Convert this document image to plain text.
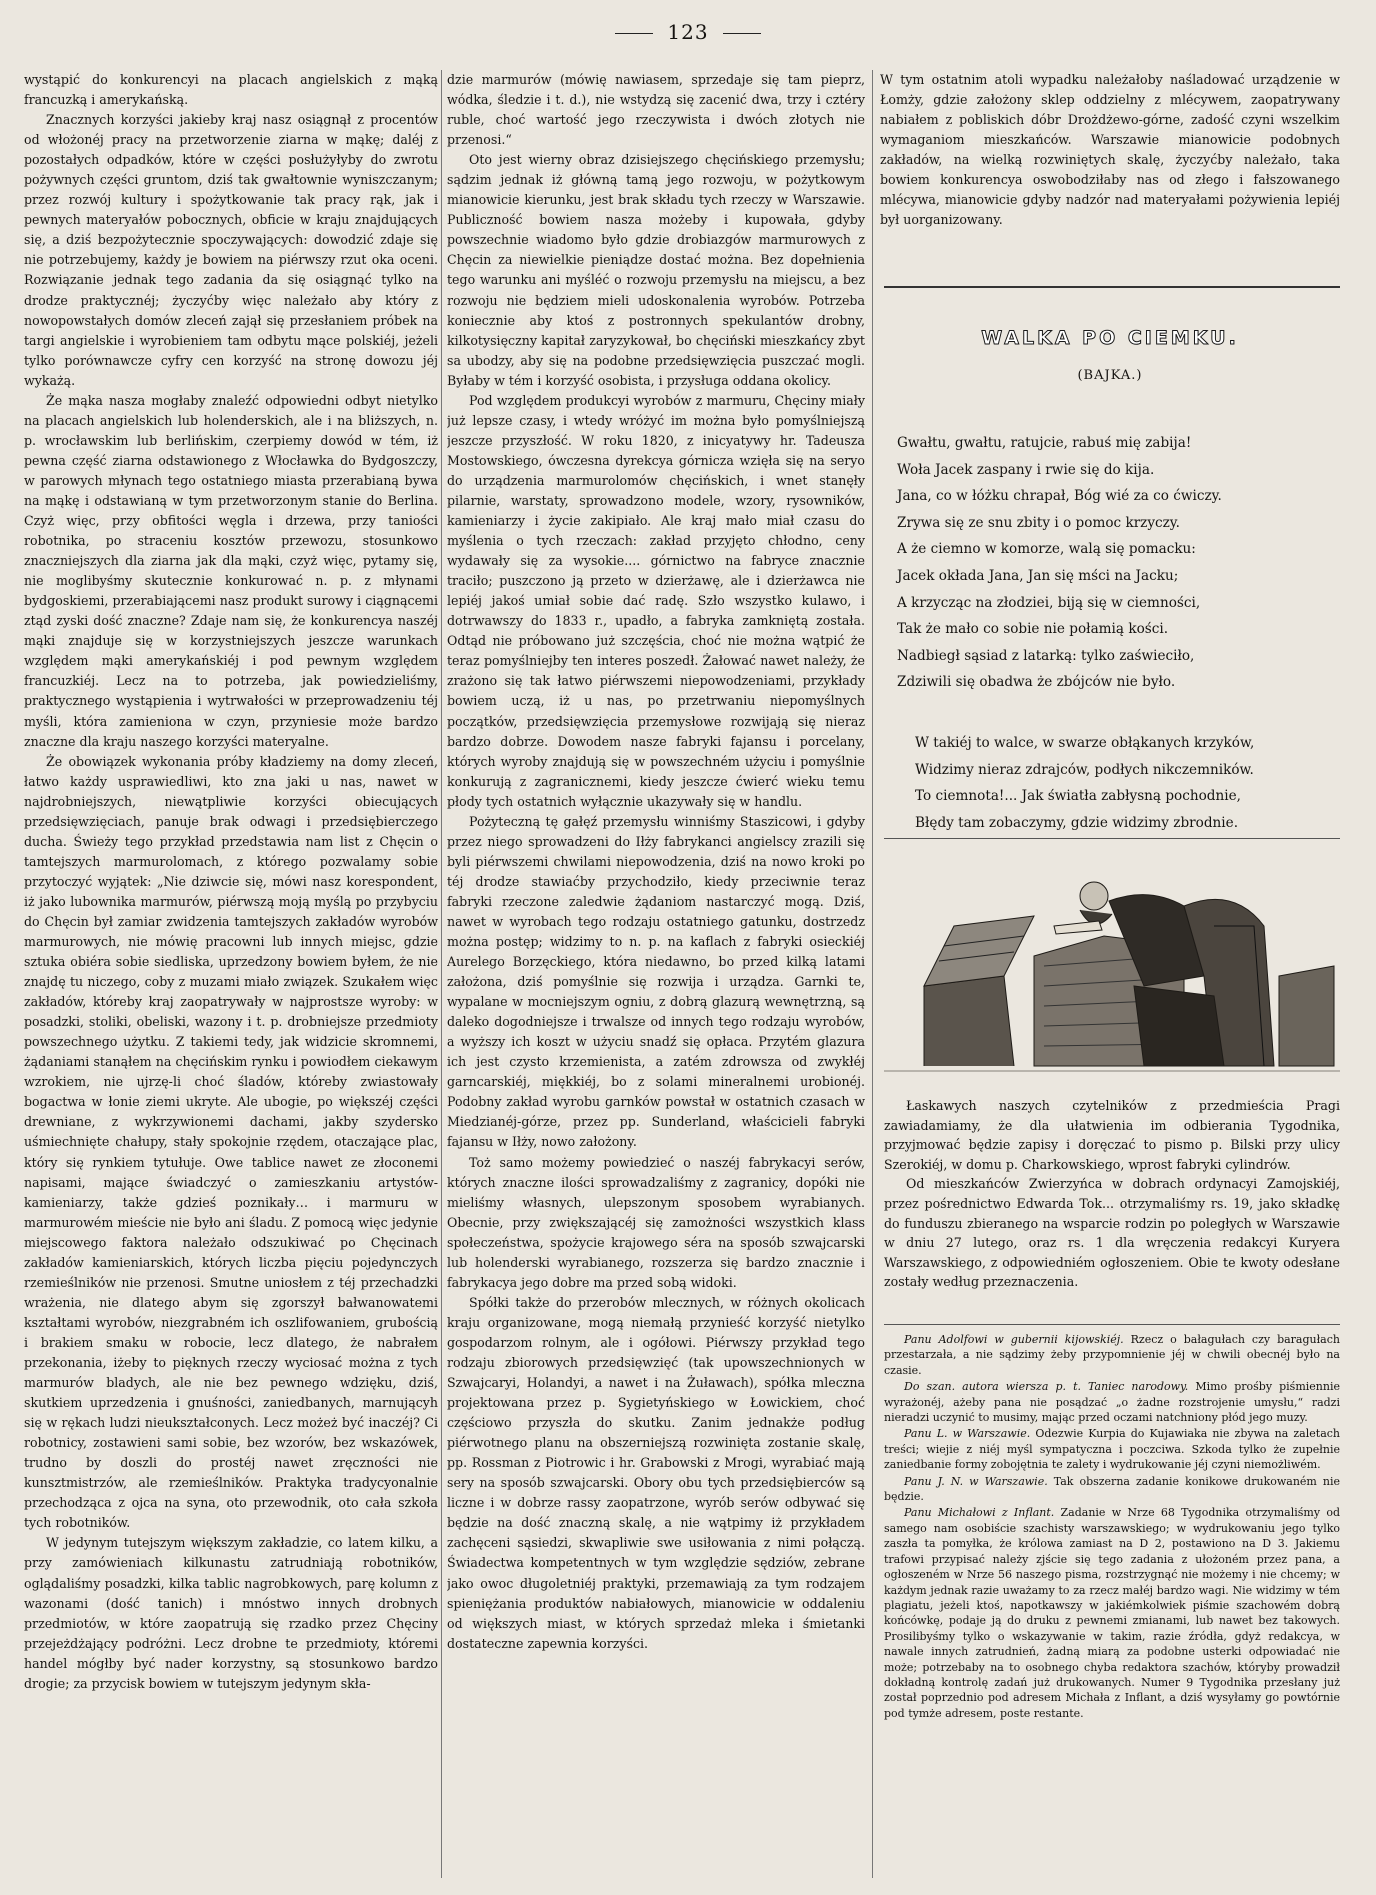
123

wystąpić do konkurencyi na placach angielskich z mąką francuzką i amerykańską.

Znacznych korzyści jakieby kraj nasz osiągnął z procentów od włożonéj pracy na przetworzenie ziarna w mąkę; daléj z pozostałych odpadków, które w części posłużyłyby do zwrotu pożywnych części gruntom, dziś tak gwałtownie wyniszczanym; przez rozwój kultury i spożytkowanie tak pracy rąk, jak i pewnych materyałów pobocznych, obficie w kraju znajdujących się, a dziś bezpożytecznie spoczywających: dowodzić zdaje się nie potrzebujemy, każdy je bowiem na piérwszy rzut oka oceni. Rozwiązanie jednak tego zadania da się osiągnąć tylko na drodze praktycznéj; życzyćby więc należało aby który z nowopowstałych domów zleceń zajął się przesłaniem próbek na targi angielskie i wyrobieniem tam odbytu mące polskiéj, jeżeli tylko porównawcze cyfry cen korzyść na stronę dowozu jéj wykażą.

Że mąka nasza mogłaby znaleźć odpowiedni odbyt nietylko na placach angielskich lub holenderskich, ale i na bliższych, n. p. wrocławskim lub berlińskim, czerpiemy dowód w tém, iż pewna część ziarna odstawionego z Włocławka do Bydgoszczy, w parowych młynach tego ostatniego miasta przerabianą bywa na mąkę i odstawianą w tym przetworzonym stanie do Berlina. Czyż więc, przy obfitości węgla i drzewa, przy taniości robotnika, po straceniu kosztów przewozu, stosunkowo znaczniejszych dla ziarna jak dla mąki, czyż więc, pytamy się, nie moglibyśmy skutecznie konkurować n. p. z młynami bydgoskiemi, przerabiającemi nasz produkt surowy i ciągnącemi ztąd zyski dość znaczne? Zdaje nam się, że konkurencya naszéj mąki znajduje się w korzystniejszych jeszcze warunkach względem mąki amerykańskiéj i pod pewnym względem francuzkiéj. Lecz na to potrzeba, jak powiedzieliśmy, praktycznego wystąpienia i wytrwałości w przeprowadzeniu téj myśli, która zamieniona w czyn, przyniesie może bardzo znaczne dla kraju naszego korzyści materyalne.

Że obowiązek wykonania próby kładziemy na domy zleceń, łatwo każdy usprawiedliwi, kto zna jaki u nas, nawet w najdrobniejszych, niewątpliwie korzyści obiecujących przedsięwzięciach, panuje brak odwagi i przedsiębierczego ducha. Świeży tego przykład przedstawia nam list z Chęcin o tamtejszych marmurolomach, z którego pozwalamy sobie przytoczyć wyjątek: „Nie dziwcie się, mówi nasz korespondent, iż jako lubownika marmurów, piérwszą moją myślą po przybyciu do Chęcin był zamiar zwidzenia tamtejszych zakładów wyrobów marmurowych, nie mówię pracowni lub innych miejsc, gdzie sztuka obiéra sobie siedliska, uprzedzony bowiem byłem, że nie znajdę tu niczego, coby z muzami miało związek. Szukałem więc zakładów, któreby kraj zaopatrywały w najprostsze wyroby: w posadzki, stoliki, obeliski, wazony i t. p. drobniejsze przedmioty powszechnego użytku. Z takiemi tedy, jak widzicie skromnemi, żądaniami stanąłem na chęcińskim rynku i powiodłem ciekawym wzrokiem, nie ujrzę-li choć śladów, któreby zwiastowały bogactwa w łonie ziemi ukryte. Ale ubogie, po większéj części drewniane, z wykrzywionemi dachami, jakby szydersko uśmiechnięte chałupy, stały spokojnie rzędem, otaczające plac, który się rynkiem tytułuje. Owe tablice nawet ze złoconemi napisami, mające świadczyć o zamieszkaniu artystów-kamieniarzy, także gdzieś poznikały… i marmuru w marmurowém mieście nie było ani śladu. Z pomocą więc jedynie miejscowego faktora należało odszukiwać po Chęcinach zakładów kamieniarskich, których liczba pięciu pojedynczych rzemieślników nie przenosi. Smutne uniosłem z téj przechadzki wrażenia, nie dlatego abym się zgorszył bałwanowatemi kształtami wyrobów, niezgrabném ich oszlifowaniem, grubością i brakiem smaku w robocie, lecz dlatego, że nabrałem przekonania, iżeby to pięknych rzeczy wyciosać można z tych marmurów bladych, ale nie bez pewnego wdzięku, dziś, skutkiem uprzedzenia i gnuśności, zaniedbanych, marnującyh się w rękach ludzi nieukształconych. Lecz możeż być inaczéj? Ci robotnicy, zostawieni sami sobie, bez wzorów, bez wskazówek, trudno by doszli do prostéj nawet zręczności nie kunsztmistrzów, ale rzemieślników. Praktyka tradycyonalnie przechodząca z ojca na syna, oto przewodnik, oto cała szkoła tych robotników.

W jedynym tutejszym większym zakładzie, co latem kilku, a przy zamówieniach kilkunastu zatrudniają robotników, oglądaliśmy posadzki, kilka tablic nagrobkowych, parę kolumn z wazonami (dość tanich) i mnóstwo innych drobnych przedmiotów, w które zaopatrują się rzadko przez Chęciny przejeżdżający podróżni. Lecz drobne te przedmioty, któremi handel mógłby być nader korzystny, są stosunkowo bardzo drogie; za przycisk bowiem w tutejszym jedynym skła-

dzie marmurów (mówię nawiasem, sprzedaje się tam pieprz, wódka, śledzie i t. d.), nie wstydzą się zacenić dwa, trzy i cztéry ruble, choć wartość jego rzeczywista i dwóch złotych nie przenosi.“

Oto jest wierny obraz dzisiejszego chęcińskiego przemysłu; sądzim jednak iż główną tamą jego rozwoju, w pożytkowym mianowicie kierunku, jest brak składu tych rzeczy w Warszawie. Publiczność bowiem nasza możeby i kupowała, gdyby powszechnie wiadomo było gdzie drobiazgów marmurowych z Chęcin za niewielkie pieniądze dostać można. Bez dopełnienia tego warunku ani myśléć o rozwoju przemysłu na miejscu, a bez rozwoju nie będziem mieli udoskonalenia wyrobów. Potrzeba koniecznie aby ktoś z postronnych spekulantów drobny, kilkotysięczny kapitał zaryzykował, bo chęciński mieszkańcy zbyt sa ubodzy, aby się na podobne przedsięwzięcia puszczać mogli. Byłaby w tém i korzyść osobista, i przysługa oddana okolicy.

Pod względem produkcyi wyrobów z marmuru, Chęciny miały już lepsze czasy, i wtedy wróżyć im można było pomyślniejszą jeszcze przyszłość. W roku 1820, z inicyatywy hr. Tadeusza Mostowskiego, ówczesna dyrekcya górnicza wzięła się na seryo do urządzenia marmurolomów chęcińskich, i wnet stanęły pilarnie, warstaty, sprowadzono modele, wzory, rysowników, kamieniarzy i życie zakipiało. Ale kraj mało miał czasu do myślenia o tych rzeczach: zakład przyjęto chłodno, ceny wydawały się za wysokie.... górnictwo na fabryce znacznie traciło; puszczono ją przeto w dzierżawę, ale i dzierżawca nie lepiéj jakoś umiał sobie dać radę. Szło wszystko kulawo, i dotrwawszy do 1833 r., upadło, a fabryka zamkniętą została. Odtąd nie próbowano już szczęścia, choć nie można wątpić że teraz pomyślniejby ten interes poszedł. Żałować nawet należy, że zrażono się tak łatwo piérwszemi niepowodzeniami, przykłady bowiem uczą, iż u nas, po przetrwaniu niepomyślnych początków, przedsięwzięcia przemysłowe rozwijają się nieraz bardzo dobrze. Dowodem nasze fabryki fajansu i porcelany, których wyroby znajdują się w powszechném użyciu i pomyślnie konkurują z zagranicznemi, kiedy jeszcze ćwierć wieku temu płody tych ostatnich wyłącznie ukazywały się w handlu.

Pożyteczną tę gałęź przemysłu winniśmy Staszicowi, i gdyby przez niego sprowadzeni do Iłży fabrykanci angielscy zrazili się byli piérwszemi chwilami niepowodzenia, dziś na nowo kroki po téj drodze stawiaćby przychodziło, kiedy przeciwnie teraz fabryki rzeczone zaledwie żądaniom nastarczyć mogą. Dziś, nawet w wyrobach tego rodzaju ostatniego gatunku, dostrzedz można postęp; widzimy to n. p. na kaflach z fabryki osieckiéj Aurelego Borzęckiego, która niedawno, bo przed kilką latami założona, dziś pomyślnie się rozwija i urządza. Garnki te, wypalane w mocniejszym ogniu, z dobrą glazurą wewnętrzną, są daleko dogodniejsze i trwalsze od innych tego rodzaju wyrobów, a wyższy ich koszt w użyciu snadź się opłaca. Przytém glazura ich jest czysto krzemienista, a zatém zdrowsza od zwykłéj garncarskiéj, miękkiéj, bo z solami mineralnemi urobionéj. Podobny zakład wyrobu garnków powstał w ostatnich czasach w Miedzianéj-górze, przez pp. Sunderland, właścicieli fabryki fajansu w Iłży, nowo założony.

Toż samo możemy powiedzieć o naszéj fabrykacyi serów, których znaczne ilości sprowadzaliśmy z zagranicy, dopóki nie mieliśmy własnych, ulepszonym sposobem wyrabianych. Obecnie, przy zwiększającéj się zamożności wszystkich klass społeczeństwa, spożycie krajowego séra na sposób szwajcarski lub holenderski wyrabianego, rozszerza się bardzo znacznie i fabrykacya jego dobre ma przed sobą widoki.

Spółki także do przerobów mlecznych, w różnych okolicach kraju organizowane, mogą niemałą przynieść korzyść nietylko gospodarzom rolnym, ale i ogółowi. Piérwszy przykład tego rodzaju zbiorowych przedsięwzięć (tak upowszechnionych w Szwajcaryi, Holandyi, a nawet i na Żuławach), spółka mleczna projektowana przez p. Sygietyńskiego w Łowickiem, choć częściowo przyszła do skutku. Zanim jednakże podług piérwotnego planu na obszerniejszą rozwinięta zostanie skalę, pp. Rossman z Piotrowic i hr. Grabowski z Mrogi, wyrabiać mają sery na sposób szwajcarski. Obory obu tych przedsiębierców są liczne i w dobrze rassy zaopatrzone, wyrób serów odbywać się będzie na dość znaczną skalę, a nie wątpimy iż przykładem zachęceni sąsiedzi, skwapliwie swe usiłowania z nimi połączą. Świadectwa kompetentnych w tym względzie sędziów, zebrane jako owoc długoletniéj praktyki, przemawiają za tym rodzajem spieniężania produktów nabiałowych, mianowicie w oddaleniu od większych miast, w których sprzedaż mleka i śmietanki dostateczne zapewnia korzyści.

W tym ostatnim atoli wypadku należałoby naśladować urządzenie w Łomży, gdzie założony sklep oddzielny z mlécywem, zaopatrywany nabiałem z pobliskich dóbr Drożdżewo-górne, zadość czyni wszelkim wymaganiom mieszkańców. Warszawie mianowicie podobnych zakładów, na wielką rozwiniętych skalę, życzyćby należało, taka bowiem konkurencya oswobodziłaby nas od złego i fałszowanego mlécywa, mianowicie gdyby nadzór nad materyałami pożywienia lepiéj był uorganizowany.

WALKA PO CIEMKU.
(BAJKA.)
Gwałtu, gwałtu, ratujcie, rabuś mię zabija!
Woła Jacek zaspany i rwie się do kija.
Jana, co w łóżku chrapał, Bóg wié za co ćwiczy.
Zrywa się ze snu zbity i o pomoc krzyczy.
A że ciemno w komorze, walą się pomacku:
Jacek okłada Jana, Jan się mści na Jacku;
A krzycząc na złodziei, biją się w ciemności,
Tak że mało co sobie nie połamią kości.
Nadbiegł sąsiad z latarką: tylko zaświeciło,
Zdziwili się obadwa że zbójców nie było.
W takiéj to walce, w swarze obłąkanych krzyków,
Widzimy nieraz zdrajców, podłych nikczemników.
To ciemnota!... Jak światła zabłysną pochodnie,
Błędy tam zobaczymy, gdzie widzimy zbrodnie.

Łaskawych naszych czytelników z przedmieścia Pragi zawiadamiamy, że dla ułatwienia im odbierania Tygodnika, przyjmować będzie zapisy i doręczać to pismo p. Bilski przy ulicy Szerokiéj, w domu p. Charkowskiego, wprost fabryki cylindrów.

Od mieszkańców Zwierzyńca w dobrach ordynacyi Zamojskiéj, przez pośrednictwo Edwarda Tok... otrzymaliśmy rs. 19, jako składkę do funduszu zbieranego na wsparcie rodzin po poległych w Warszawie w dniu 27 lutego, oraz rs. 1 dla wręczenia redakcyi Kuryera Warszawskiego, z odpowiedniém ogłoszeniem. Obie te kwoty odesłane zostały według przeznaczenia.

Panu Adolfowi w gubernii kijowskiéj. Rzecz o bałagułach czy baragułach przestarzała, a nie sądzimy żeby przypomnienie jéj w chwili obecnéj było na czasie.

Do szan. autora wiersza p. t. Taniec narodowy. Mimo prośby piśmiennie wyrażonéj, ażeby pana nie posądzać „o żadne rozstrojenie umysłu,“ radzi nieradzi uczynić to musimy, mając przed oczami natchniony płód jego muzy.

Panu L. w Warszawie. Odezwie Kurpia do Kujawiaka nie zbywa na zaletach treści; wiejie z niéj myśl sympatyczna i poczciwa. Szkoda tylko że zupełnie zaniedbanie formy zobojętnia te zalety i wydrukowanie jéj czyni niemożliwém.

Panu J. N. w Warszawie. Tak obszerna zadanie konikowe drukowaném nie będzie.

Panu Michałowi z Inflant. Zadanie w Nrze 68 Tygodnika otrzymaliśmy od samego nam osobiście szachisty warszawskiego; w wydrukowaniu jego tylko zaszła ta pomyłka, że królowa zamiast na D 2, postawiono na D 3. Jakiemu trafowi przypisać należy zjście się tego zadania z ułożoném przez pana, a ogłoszeném w Nrze 56 naszego pisma, rozstrzygnąć nie możemy i nie chcemy; w każdym jednak razie uważamy to za rzecz małéj bardzo wagi. Nie widzimy w tém plagiatu, jeżeli ktoś, napotkawszy w jakiémkolwiek piśmie szachowém dobrą końcówkę, podaje ją do druku z pewnemi zmianami, lub nawet bez takowych. Prosilibyśmy tylko o wskazywanie w takim, razie źródła, gdyż redakcya, w nawale innych zatrudnień, żadną miarą za podobne usterki odpowiadać nie może; potrzebaby na to osobnego chyba redaktora szachów, któryby prowadził dokładną kontrolę zadań już drukowanych. Numer 9 Tygodnika przesłany już został poprzednio pod adresem Michała z Inflant, a dziś wysyłamy go powtórnie pod tymże adresem, poste restante.
